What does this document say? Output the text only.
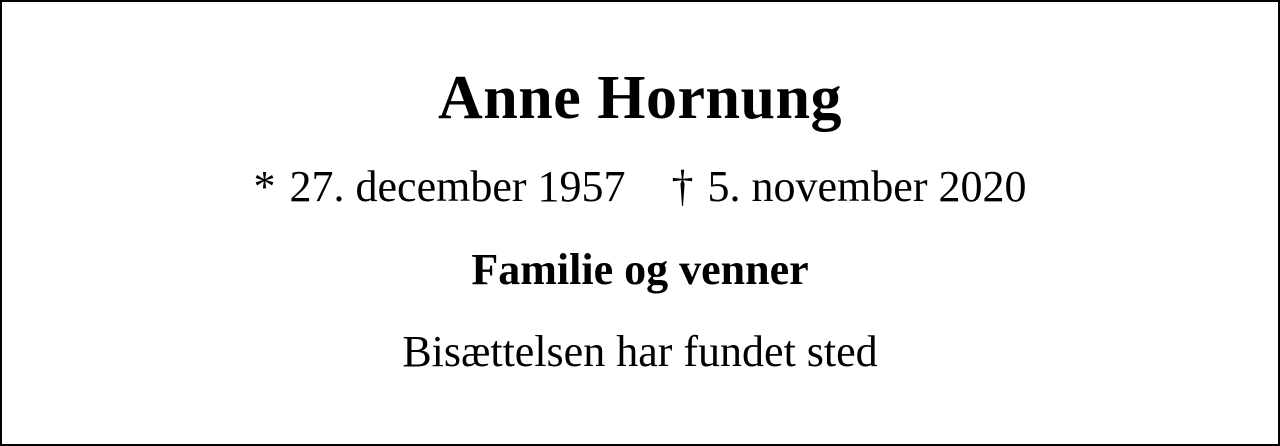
Anne Hornung
* 27. december 1957 † 5. november 2020
Familie og venner
Bisættelsen har fundet sted
